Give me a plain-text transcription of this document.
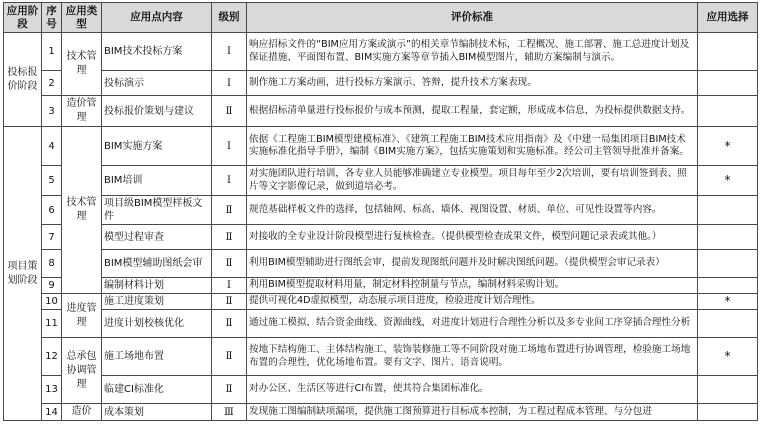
应用阶段	序号	应用类型	应用点内容	级别	评价标准	应用选择
投标报价阶段	1	技术管理	BIM技术投标方案	Ⅰ	响应招标文件的“BIM应用方案或演示”的相关章节编制技术标，工程概况、施工部署、施工总进度计划及保证措施、平面图布置、BIM实施方案等章节插入BIM模型图片，辅助方案编制与演示。	
	2		投标演示	Ⅰ	制作施工方案动画，进行投标方案演示、答辩，提升技术方案表现。	
	3	造价管理	投标报价策划与建议	Ⅱ	根据招标清单量进行投标报价与成本预测，提取工程量，套定额，形成成本信息，为投标提供数据支持。	
项目策划阶段	4	技术管理	BIM实施方案	Ⅰ	依据《工程施工BIM模型建模标准》、《建筑工程施工BIM技术应用指南》及《中建一局集团项目BIM技术实施标准化指导手册》，编制《BIM实施方案》，包括实施策划和实施标准。经公司主管领导批准并备案。	*
	5		BIM培训	Ⅰ	对实施团队进行培训，各专业人员能够准确建立专业模型。项目每年至少2次培训，要有培训签到表、照片等文字影像记录，做到道培必考。	*
	6		项目级BIM模型样板文件	Ⅱ	规范基础样板文件的选择，包括轴网、标高、墙体、视图设置、材质、单位、可见性设置等内容。	
	7		模型过程审查	Ⅱ	对接收的全专业设计阶段模型进行复核检查。（提供模型检查成果文件，模型问题记录表或其他。）	
	8		BIM模型辅助图纸会审	Ⅱ	利用BIM模型辅助进行图纸会审，提前发现图纸问题并及时解决图纸问题。（提供模型会审记录表）	
	9		编制材料计划	Ⅰ	利用BIM模型提取材料用量，制定材料控制量与节点，编制材料采购计划。	
	10	进度管理	施工进度策划	Ⅱ	提供可视化4D虚拟模型，动态展示项目进度，检验进度计划合理性。	*
	11		进度计划校核优化	Ⅱ	通过施工模拟，结合资金曲线、资源曲线，对进度计划进行合理性分析以及多专业间工序穿插合理性分析	
	12	总承包协调管理	施工场地布置	Ⅱ	按地下结构施工、主体结构施工、装饰装修施工等不同阶段对施工场地布置进行协调管理，检验施工场地布置的合理性，优化场地布置。要有文字、图片、语音说明。	*
	13		临建CI标准化	Ⅱ	对办公区、生活区等进行CI布置，使其符合集团标准化。	
	14	造价	成本策划	Ⅲ	发现施工图编制缺项漏项，提供施工图预算进行目标成本控制，为工程过程成本管理、与分包进	
